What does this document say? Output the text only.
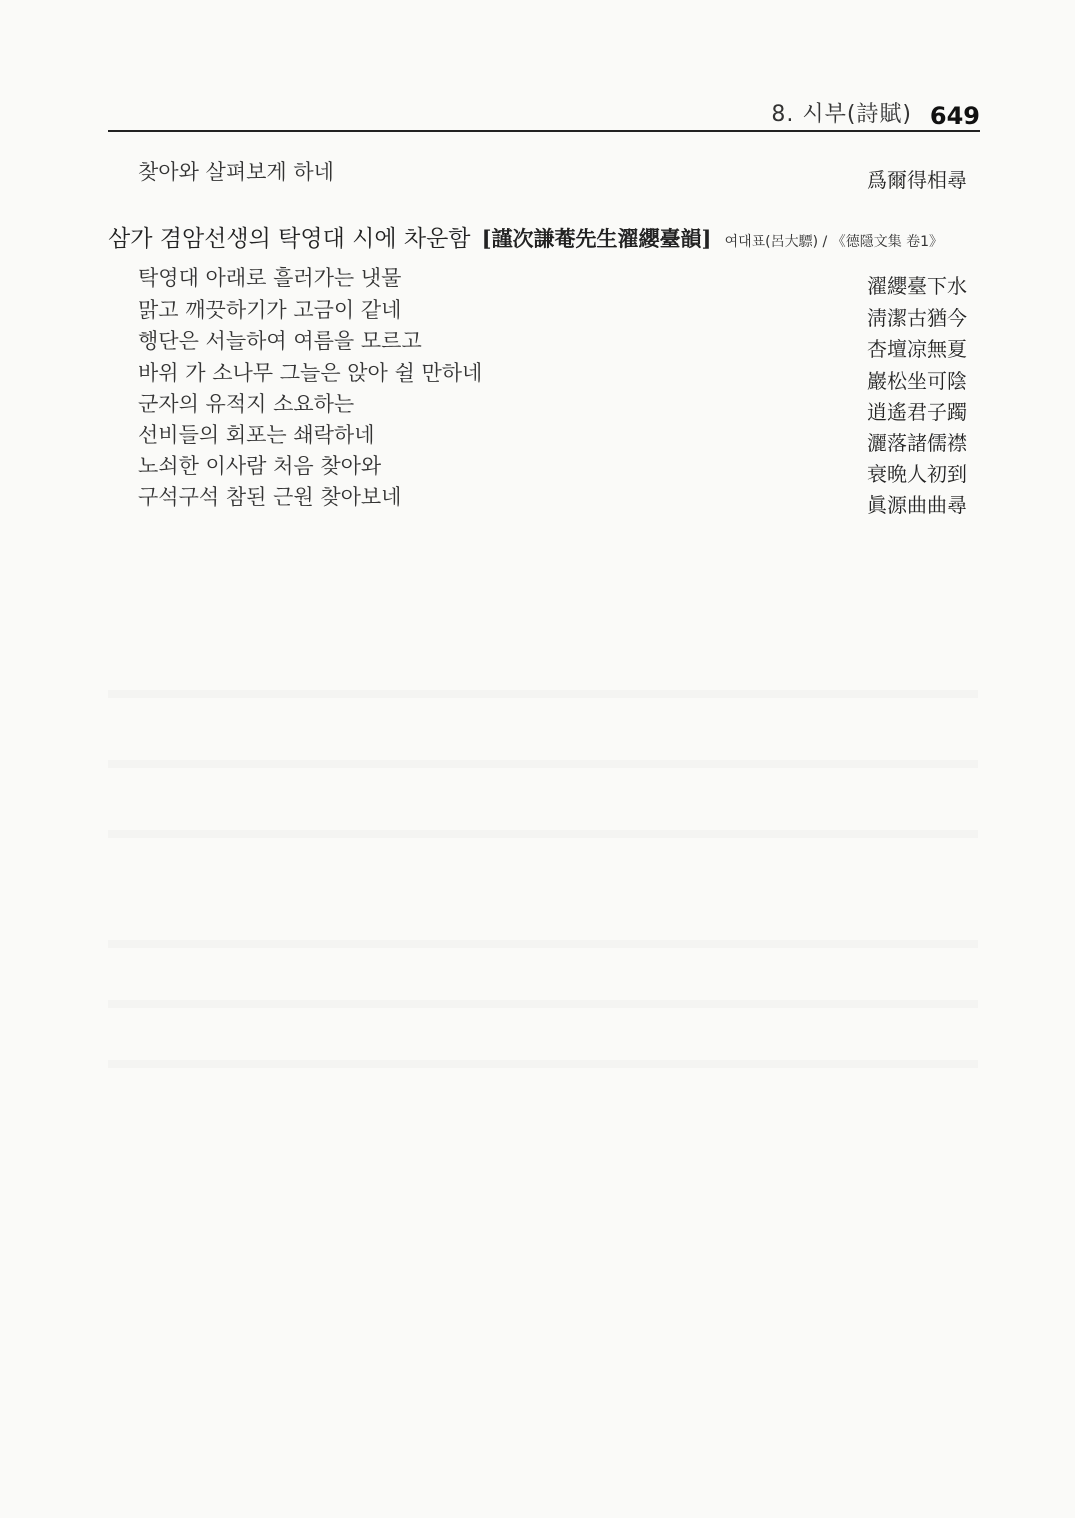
8. 시부(詩賦) 649
찾아와 살펴보게 하네	爲爾得相尋
삼가 겸암선생의 탁영대 시에 차운함 [謹次謙菴先生濯纓臺韻] 여대표(呂大驃) / 《德隱文集 卷1》
탁영대 아래로 흘러가는 냇물	濯纓臺下水
맑고 깨끗하기가 고금이 같네	淸潔古猶今
행단은 서늘하여 여름을 모르고	杏壇凉無夏
바위 가 소나무 그늘은 앉아 쉴 만하네	巖松坐可陰
군자의 유적지 소요하는	逍遙君子躅
선비들의 회포는 쇄락하네	灑落諸儒襟
노쇠한 이사람 처음 찾아와	衰晩人初到
구석구석 참된 근원 찾아보네	眞源曲曲尋
